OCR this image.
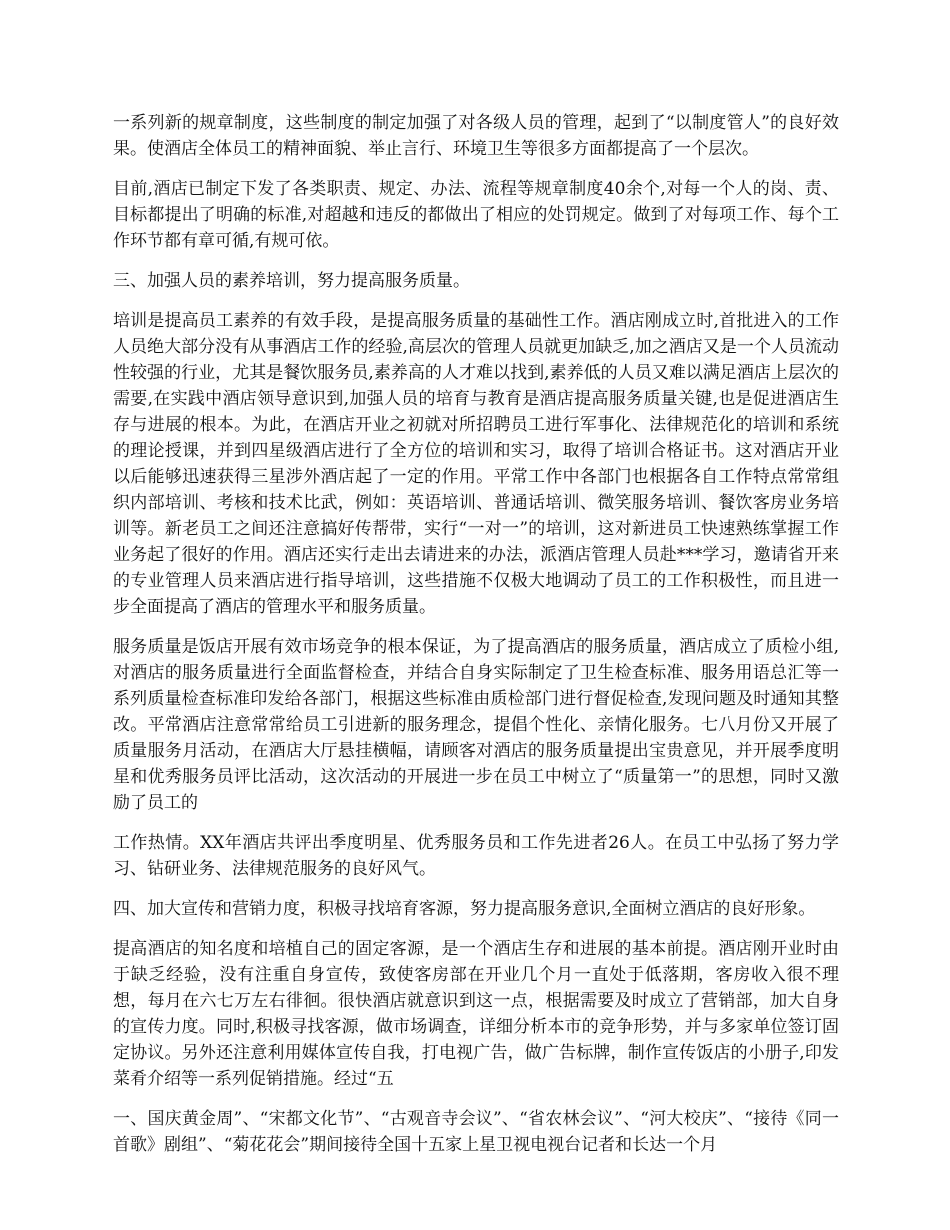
一系列新的规章制度，这些制度的制定加强了对各级人员的管理，起到了“以制度管人”的良好效果。使酒店全体员工的精神面貌、举止言行、环境卫生等很多方面都提高了一个层次。

目前,酒店已制定下发了各类职责、规定、办法、流程等规章制度40余个,对每一个人的岗、责、目标都提出了明确的标准,对超越和违反的都做出了相应的处罚规定。做到了对每项工作、每个工作环节都有章可循,有规可依。

三、加强人员的素养培训，努力提高服务质量。

培训是提高员工素养的有效手段，是提高服务质量的基础性工作。酒店刚成立时,首批进入的工作人员绝大部分没有从事酒店工作的经验,高层次的管理人员就更加缺乏,加之酒店又是一个人员流动性较强的行业，尤其是餐饮服务员,素养高的人才难以找到,素养低的人员又难以满足酒店上层次的需要,在实践中酒店领导意识到,加强人员的培育与教育是酒店提高服务质量关键,也是促进酒店生存与进展的根本。为此，在酒店开业之初就对所招聘员工进行军事化、法律规范化的培训和系统的理论授课，并到四星级酒店进行了全方位的培训和实习，取得了培训合格证书。这对酒店开业以后能够迅速获得三星涉外酒店起了一定的作用。平常工作中各部门也根据各自工作特点常常组织内部培训、考核和技术比武，例如：英语培训、普通话培训、微笑服务培训、餐饮客房业务培训等。新老员工之间还注意搞好传帮带，实行“一对一”的培训，这对新进员工快速熟练掌握工作业务起了很好的作用。酒店还实行走出去请进来的办法，派酒店管理人员赴***学习，邀请省开来的专业管理人员来酒店进行指导培训，这些措施不仅极大地调动了员工的工作积极性，而且进一步全面提高了酒店的管理水平和服务质量。

服务质量是饭店开展有效市场竞争的根本保证，为了提高酒店的服务质量，酒店成立了质检小组,对酒店的服务质量进行全面监督检查，并结合自身实际制定了卫生检查标准、服务用语总汇等一系列质量检查标准印发给各部门，根据这些标准由质检部门进行督促检查,发现问题及时通知其整改。平常酒店注意常常给员工引进新的服务理念，提倡个性化、亲情化服务。七八月份又开展了质量服务月活动，在酒店大厅悬挂横幅，请顾客对酒店的服务质量提出宝贵意见，并开展季度明星和优秀服务员评比活动，这次活动的开展进一步在员工中树立了“质量第一”的思想，同时又激励了员工的

工作热情。XX年酒店共评出季度明星、优秀服务员和工作先进者26人。在员工中弘扬了努力学习、钻研业务、法律规范服务的良好风气。

四、加大宣传和营销力度，积极寻找培育客源，努力提高服务意识,全面树立酒店的良好形象。

提高酒店的知名度和培植自己的固定客源，是一个酒店生存和进展的基本前提。酒店刚开业时由于缺乏经验，没有注重自身宣传，致使客房部在开业几个月一直处于低落期，客房收入很不理想，每月在六七万左右徘徊。很快酒店就意识到这一点，根据需要及时成立了营销部，加大自身的宣传力度。同时,积极寻找客源，做市场调查，详细分析本市的竞争形势，并与多家单位签订固定协议。另外还注意利用媒体宣传自我，打电视广告，做广告标牌，制作宣传饭店的小册子,印发菜肴介绍等一系列促销措施。经过“五

一、国庆黄金周”、“宋都文化节”、“古观音寺会议”、“省农林会议”、“河大校庆”、“接待《同一首歌》剧组”、“菊花花会”期间接待全国十五家上星卫视电视台记者和长达一个月
